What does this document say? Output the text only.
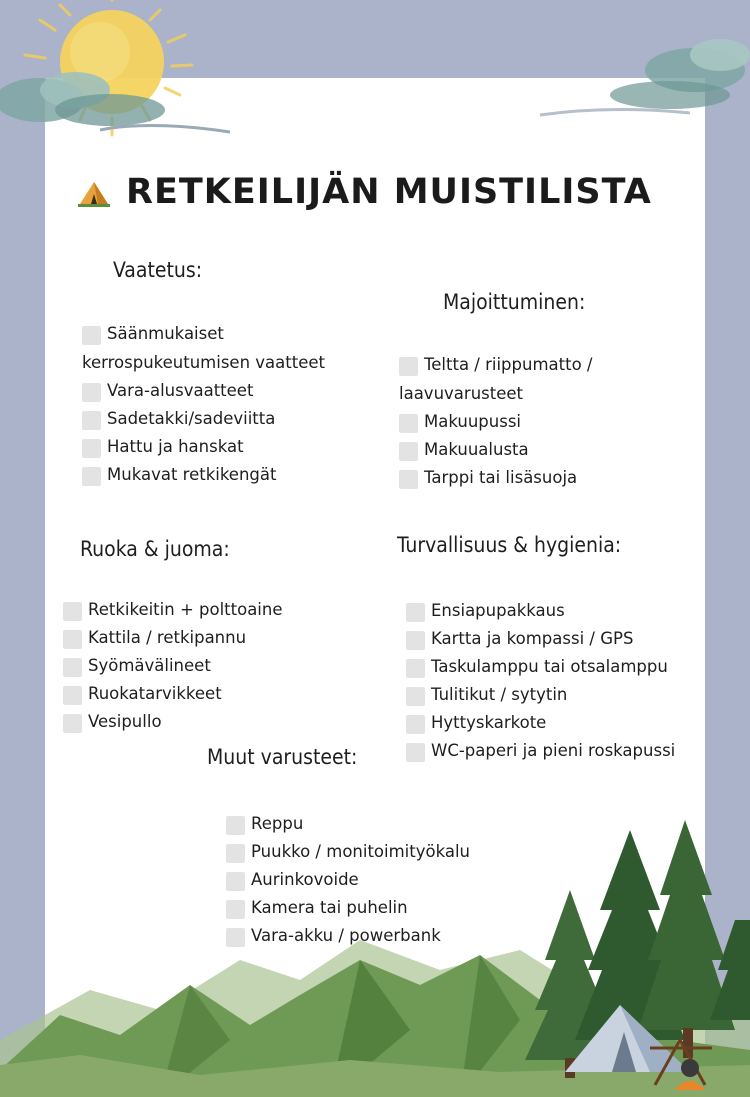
RETKEILIJÄN MUISTILISTA
Vaatetus:
Säänmukaiset
Vara-alusvaatteet
Sadetakki/sadeviitta
Hattu ja hanskat
Mukavat retkikengät
kerrospukeutumisen vaatteet
Majoittuminen:
Teltta / riippumatto /
Makuupussi
Makuualusta
Tarppi tai lisäsuoja
laavuvarusteet
Ruoka & juoma:
Retkikeitin + polttoaine
Kattila / retkipannu
Syömävälineet
Ruokatarvikkeet
Vesipullo
Turvallisuus & hygienia:
Ensiapupakkaus
Kartta ja kompassi / GPS
Taskulamppu tai otsalamppu
Tulitikut / sytytin
Hyttyskarkote
WC-paperi ja pieni roskapussi
Muut varusteet:
Reppu
Puukko / monitoimityökalu
Aurinkovoide
Kamera tai puhelin
Vara-akku / powerbank
